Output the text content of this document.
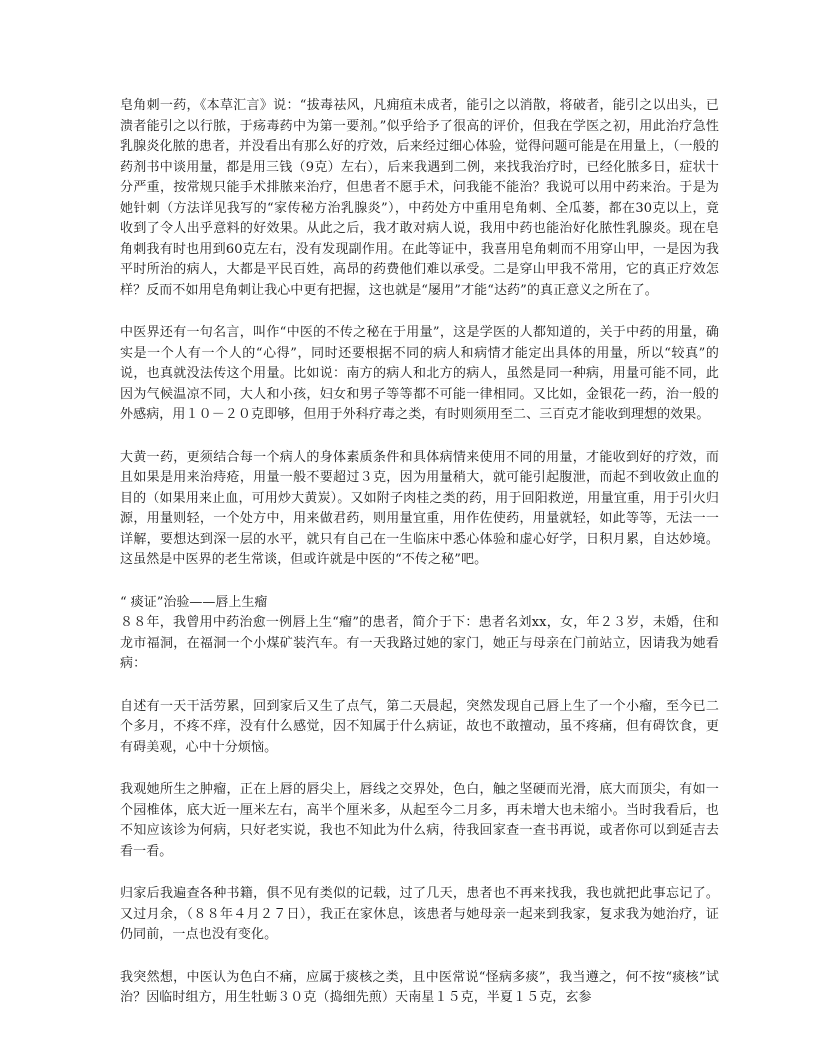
皂角刺一药，《本草汇言》说：“拔毒祛风，凡痈疽未成者，能引之以消散，将破者，能引之以出头，已溃者能引之以行脓，于疡毒药中为第一要剂。”似乎给予了很高的评价，但我在学医之初，用此治疗急性乳腺炎化脓的患者，并没看出有那么好的疗效，后来经过细心体验，觉得问题可能是在用量上，（一般的药剂书中谈用量，都是用三钱（9克）左右），后来我遇到二例，来找我治疗时，已经化脓多日，症状十分严重，按常规只能手术排脓来治疗，但患者不愿手术，问我能不能治？我说可以用中药来治。于是为她针刺（方法详见我写的“家传秘方治乳腺炎”），中药处方中重用皂角刺、全瓜蒌，都在30克以上，竟收到了令人出乎意料的好效果。从此之后，我才敢对病人说，我用中药也能治好化脓性乳腺炎。现在皂角刺我有时也用到60克左右，没有发现副作用。在此等证中，我喜用皂角刺而不用穿山甲，一是因为我平时所治的病人，大都是平民百姓，高昂的药费他们难以承受。二是穿山甲我不常用，它的真正疗效怎样？反而不如用皂角刺让我心中更有把握，这也就是“屡用”才能“达药”的真正意义之所在了。

中医界还有一句名言，叫作“中医的不传之秘在于用量”，这是学医的人都知道的，关于中药的用量，确实是一个人有一个人的“心得”，同时还要根据不同的病人和病情才能定出具体的用量，所以“较真”的说，也真就没法传这个用量。比如说：南方的病人和北方的病人，虽然是同一种病，用量可能不同，此因为气候温凉不同，大人和小孩，妇女和男子等等都不可能一律相同。又比如，金银花一药，治一般的外感病，用１０－２０克即够，但用于外科疗毒之类，有时则须用至二、三百克才能收到理想的效果。

大黄一药，更须结合每一个病人的身体素质条件和具体病情来使用不同的用量，才能收到好的疗效，而且如果是用来治痔疮，用量一般不要超过３克，因为用量稍大，就可能引起腹泄，而起不到收敛止血的目的（如果用来止血，可用炒大黄炭）。又如附子肉桂之类的药，用于回阳救逆，用量宜重，用于引火归源，用量则轻，一个处方中，用来做君药，则用量宜重，用作佐使药，用量就轻，如此等等，无法一一详解，要想达到深一层的水平，就只有自己在一生临床中悉心体验和虚心好学，日积月累，自达妙境。这虽然是中医界的老生常谈，但或许就是中医的“不传之秘”吧。

“ 痰证”治验——唇上生瘤

８８年，我曾用中药治愈一例唇上生“瘤”的患者，简介于下：患者名刘xx，女，年２３岁，未婚，住和龙市福洞，在福洞一个小煤矿装汽车。有一天我路过她的家门，她正与母亲在门前站立，因请我为她看病：

自述有一天干活劳累，回到家后又生了点气，第二天晨起，突然发现自己唇上生了一个小瘤，至今已二个多月，不疼不痒，没有什么感觉，因不知属于什么病证，故也不敢擅动，虽不疼痛，但有碍饮食，更有碍美观，心中十分烦恼。

我观她所生之肿瘤，正在上唇的唇尖上，唇线之交界处，色白，触之坚硬而光滑，底大而顶尖，有如一个园椎体，底大近一厘米左右，高半个厘米多，从起至今二月多，再未增大也未缩小。当时我看后，也不知应该诊为何病，只好老实说，我也不知此为什么病，待我回家查一查书再说，或者你可以到延吉去看一看。

归家后我遍查各种书籍，俱不见有类似的记载，过了几天，患者也不再来找我，我也就把此事忘记了。又过月余，（８８年４月２７日），我正在家休息，该患者与她母亲一起来到我家，复求我为她治疗，证仍同前，一点也没有变化。

我突然想，中医认为色白不痛，应属于痰核之类，且中医常说“怪病多痰”，我当遵之，何不按“痰核”试治？因临时组方，用生牡蛎３０克（捣细先煎）天南星１５克，半夏１５克，玄参
